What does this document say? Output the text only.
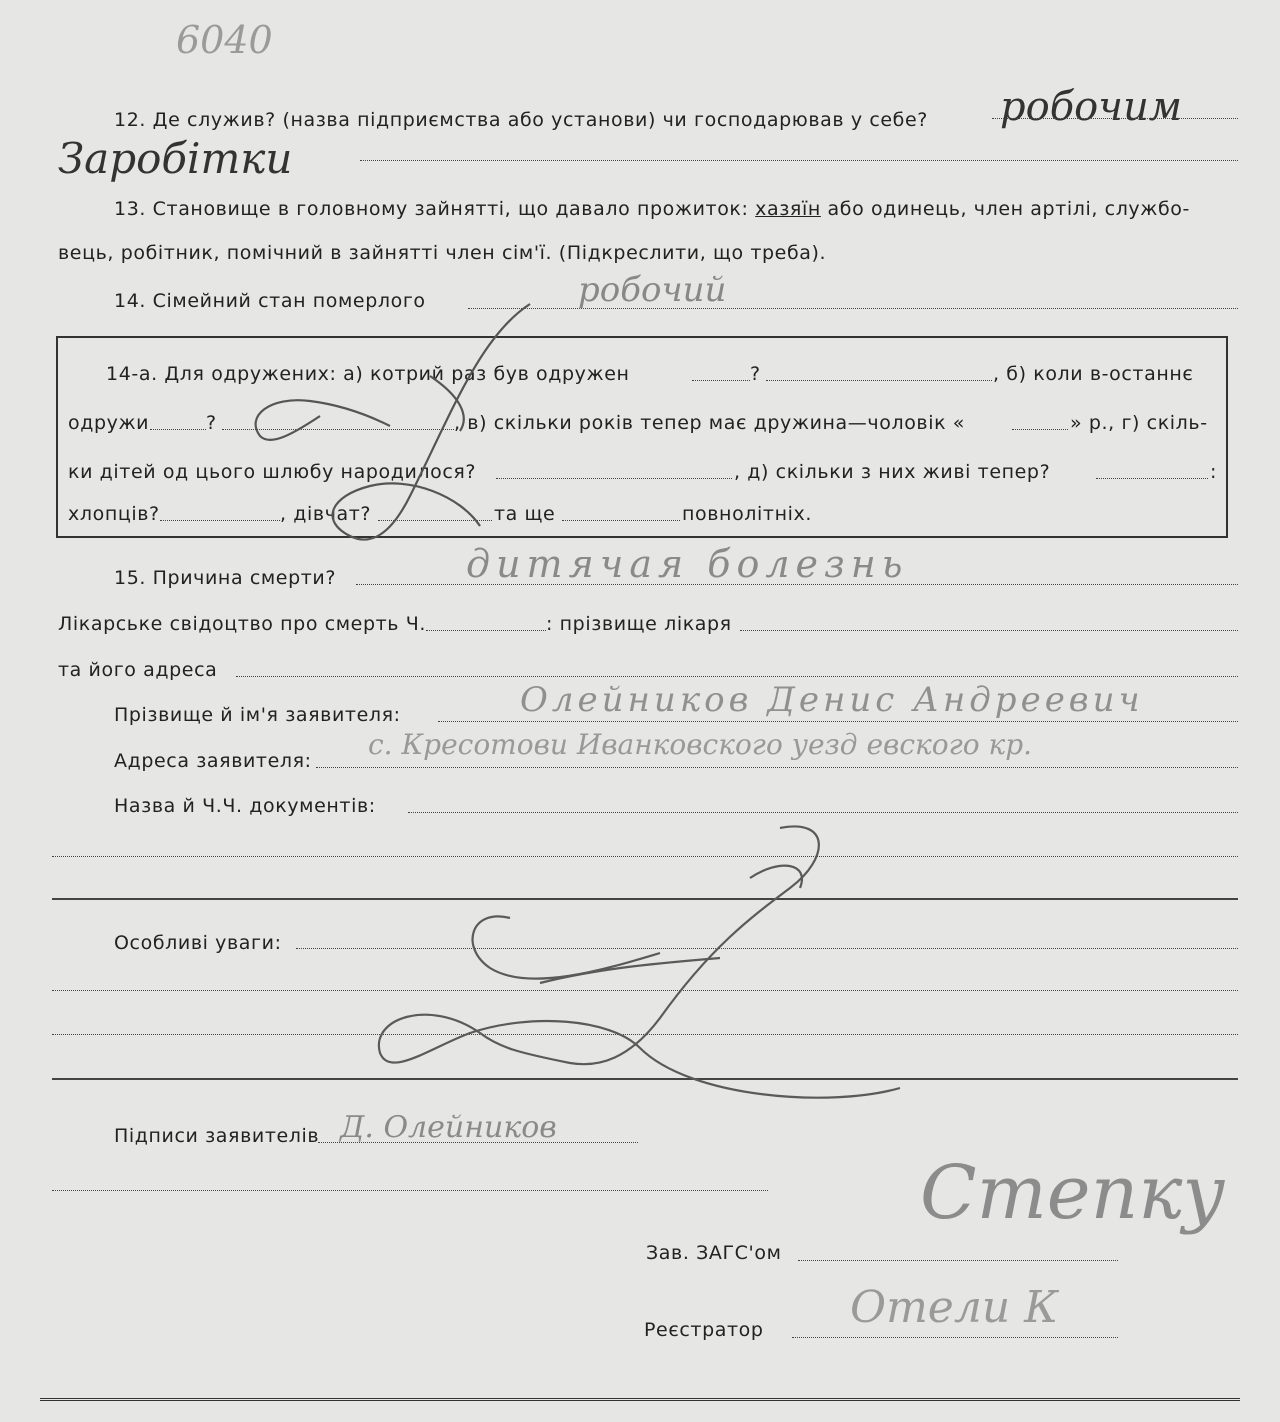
6040
12. Де служив? (назва підприємства або установи) чи господарював у себе? робочим
Заробітки
13. Становище в головному зайнятті, що давало прожиток: хазяїн або одинець, член артілі, службо-
вець, робітник, помічний в зайнятті член сім'ї. (Підкреслити, що треба).
14. Сімейний стан померлого	робочий
14-а. Для одружених: а) котрий раз був одружен	?	, б) коли в-останнє
одружи	?	, в) скільки років тепер має дружина—чоловік «	» р., г) скіль-
ки дітей од цього шлюбу народилося?	, д) скільки з них живі тепер?	:
хлопців?	, дівчат?	та ще	повнолітніх.
15. Причина смерти?	дитячая болезнь
Лікарське свідоцтво про смерть Ч.	: прізвище лікаря
та його адреса
Прізвище й ім'я заявителя:	Олейников Денис Андреевич
Адреса заявителя: с. Кресотови Иванковского уезд евского кр.
Назва й Ч.Ч. документів:
Особливі уваги:
Підписи заявителів Д. Олейников
Зав. ЗАГС'ом
Степку
Реєстратор Отели К
